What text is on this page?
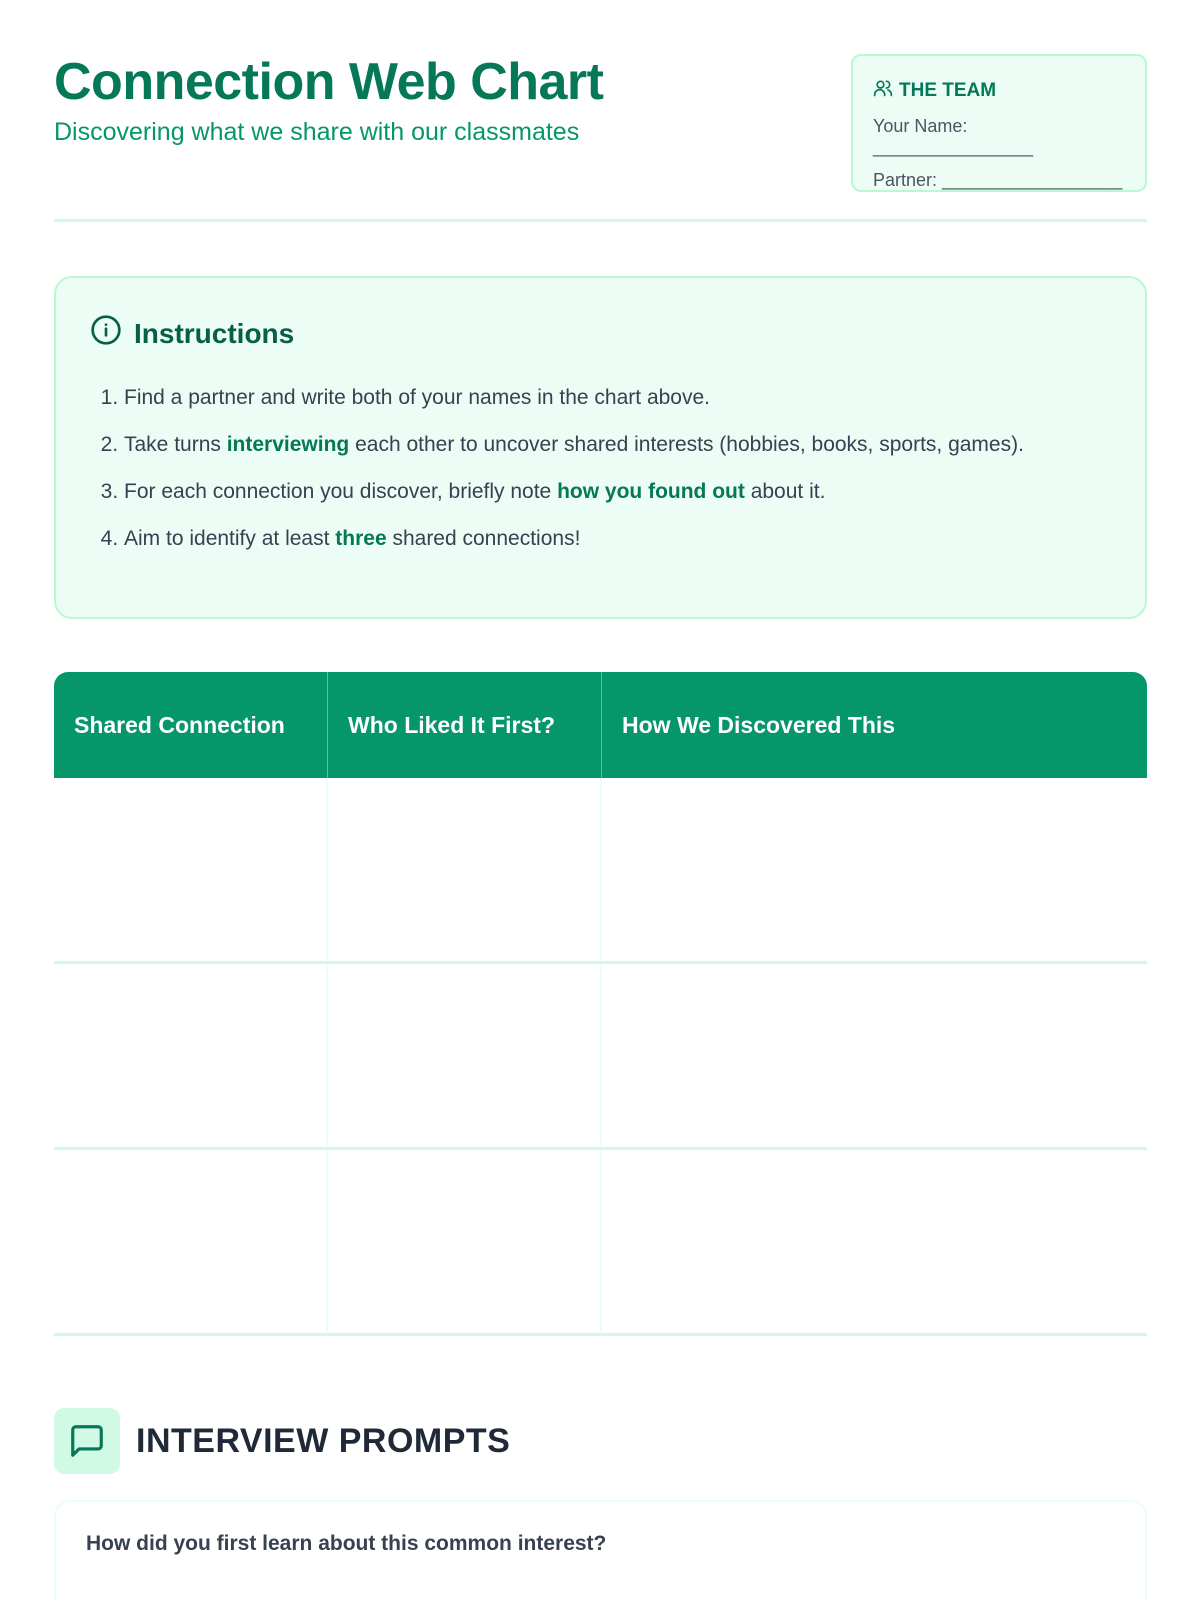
Connection Web Chart
Discovering what we share with our classmates
THE TEAM
Your Name: ________________
Partner: __________________
Instructions
1. Find a partner and write both of your names in the chart above.
2. Take turns interviewing each other to uncover shared interests (hobbies, books, sports, games).
3. For each connection you discover, briefly note how you found out about it.
4. Aim to identify at least three shared connections!
Shared Connection	Who Liked It First?	How We Discovered This
INTERVIEW PROMPTS
How did you first learn about this common interest?
